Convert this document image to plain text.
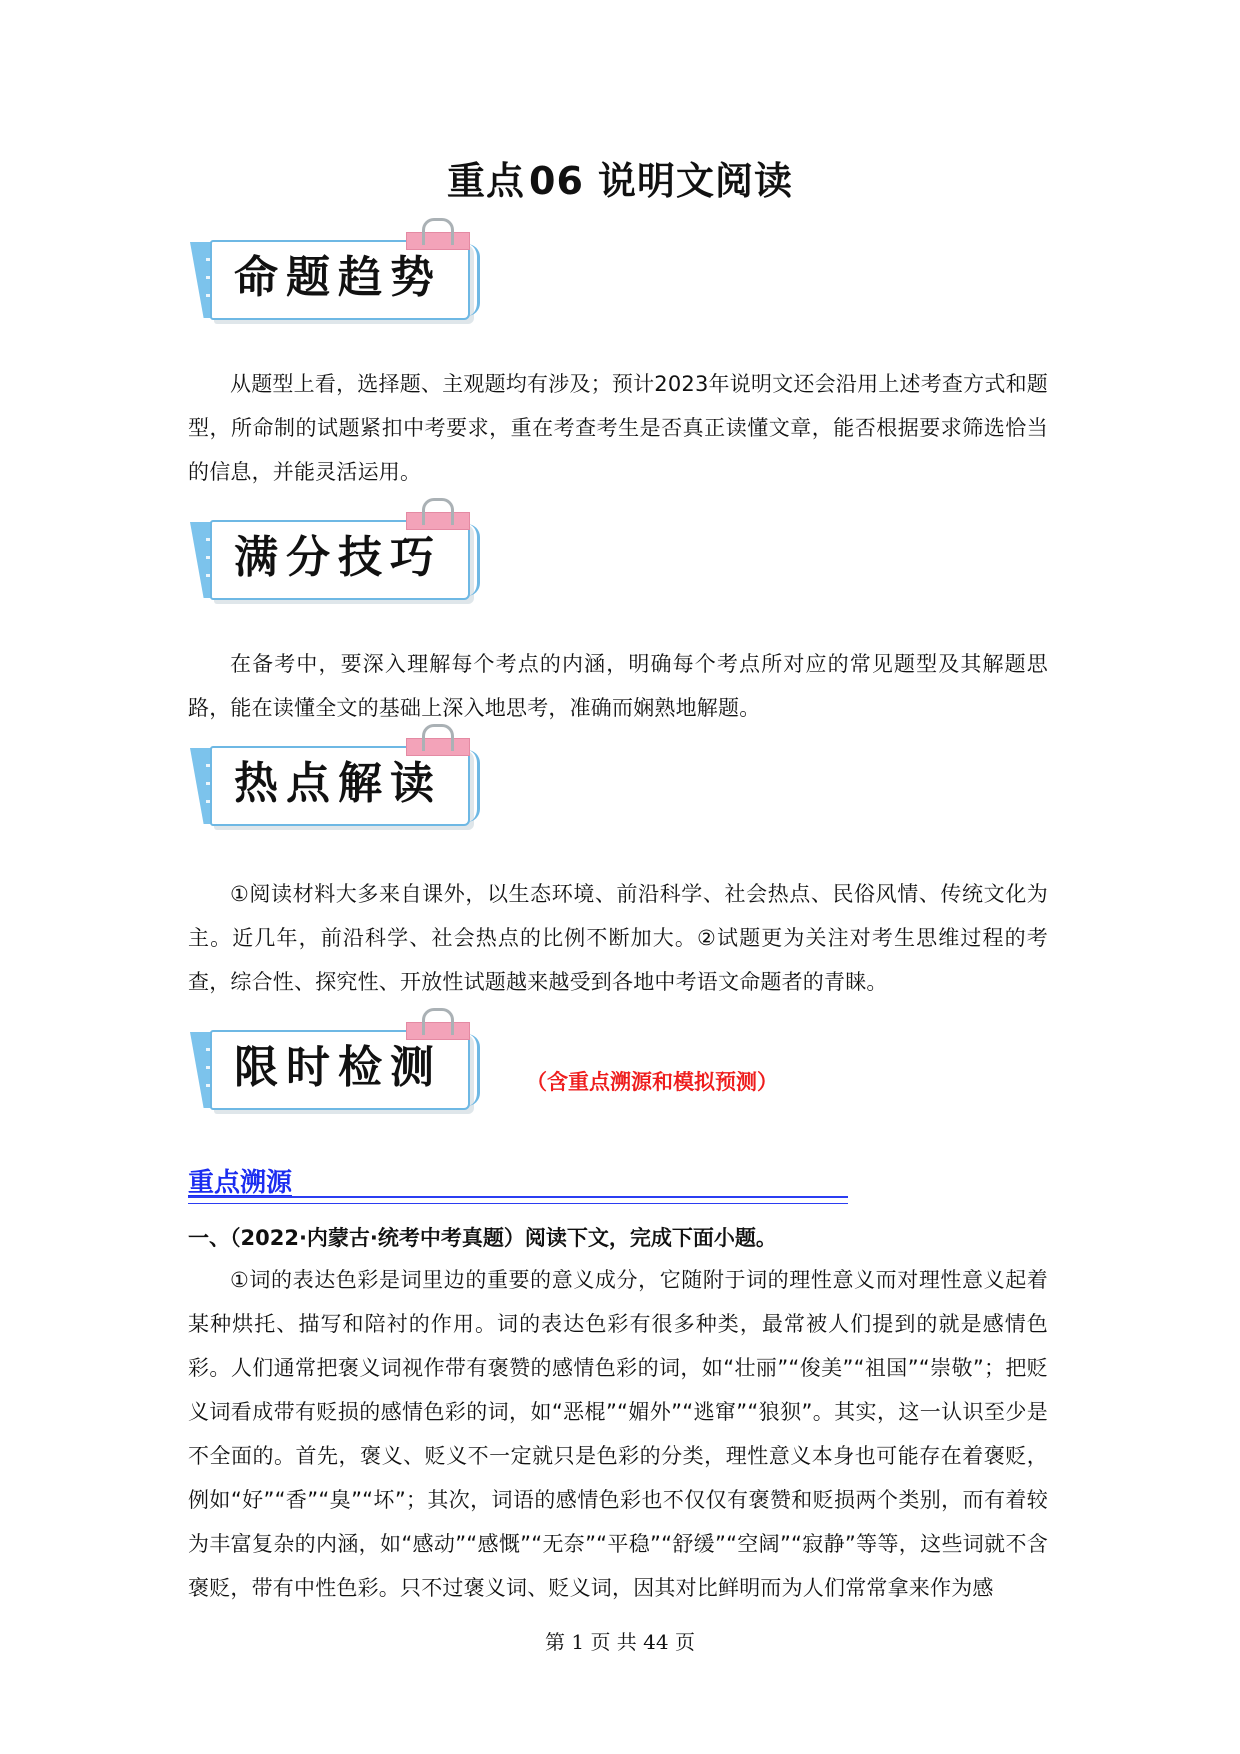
重点 06 说明文阅读
命题趋势
从题型上看，选择题、主观题均有涉及；预计2023年说明文还会沿用上述考查方式和题型，所命制的试题紧扣中考要求，重在考查考生是否真正读懂文章，能否根据要求筛选恰当的信息，并能灵活运用。
满分技巧
在备考中，要深入理解每个考点的内涵，明确每个考点所对应的常见题型及其解题思路，能在读懂全文的基础上深入地思考，准确而娴熟地解题。
热点解读
①阅读材料大多来自课外，以生态环境、前沿科学、社会热点、民俗风情、传统文化为主。近几年，前沿科学、社会热点的比例不断加大。②试题更为关注对考生思维过程的考查，综合性、探究性、开放性试题越来越受到各地中考语文命题者的青睐。
限时检测	（含重点溯源和模拟预测）
重点溯源
一、（2022·内蒙古·统考中考真题）阅读下文，完成下面小题。
①词的表达色彩是词里边的重要的意义成分，它随附于词的理性意义而对理性意义起着某种烘托、描写和陪衬的作用。词的表达色彩有很多种类，最常被人们提到的就是感情色彩。人们通常把褒义词视作带有褒赞的感情色彩的词，如“壮丽”“俊美”“祖国”“崇敬”；把贬义词看成带有贬损的感情色彩的词，如“恶棍”“媚外”“逃窜”“狼狈”。其实，这一认识至少是不全面的。首先，褒义、贬义不一定就只是色彩的分类，理性意义本身也可能存在着褒贬，例如“好”“香”“臭”“坏”；其次，词语的感情色彩也不仅仅有褒赞和贬损两个类别，而有着较为丰富复杂的内涵，如“感动”“感慨”“无奈”“平稳”“舒缓”“空阔”“寂静”等等，这些词就不含褒贬，带有中性色彩。只不过褒义词、贬义词，因其对比鲜明而为人们常常拿来作为感
第 1 页 共 44 页
